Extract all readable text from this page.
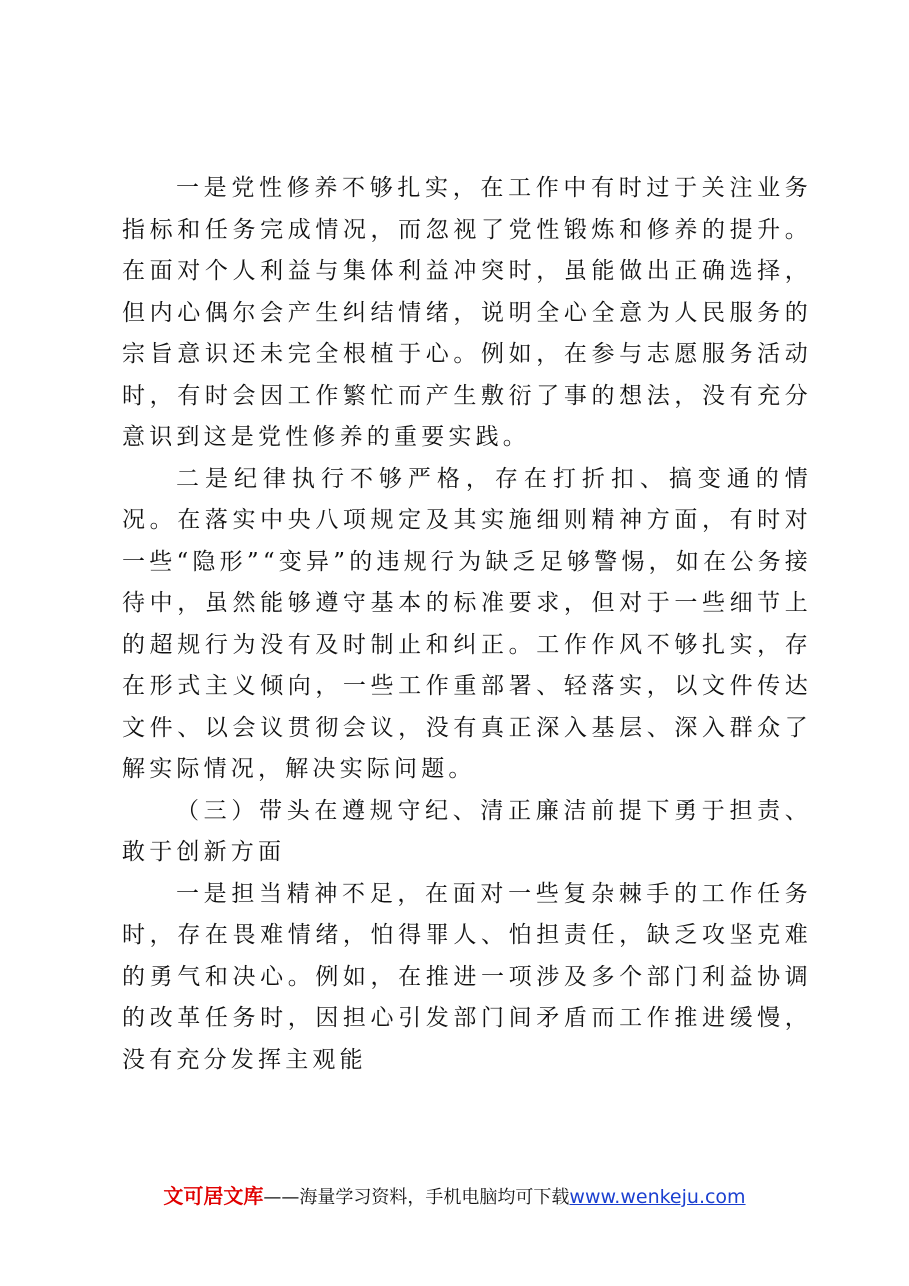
一是党性修养不够扎实，在工作中有时过于关注业务指标和任务完成情况，而忽视了党性锻炼和修养的提升。在面对个人利益与集体利益冲突时，虽能做出正确选择，但内心偶尔会产生纠结情绪，说明全心全意为人民服务的宗旨意识还未完全根植于心。例如，在参与志愿服务活动时，有时会因工作繁忙而产生敷衍了事的想法，没有充分意识到这是党性修养的重要实践。

二是纪律执行不够严格，存在打折扣、搞变通的情况。在落实中央八项规定及其实施细则精神方面，有时对一些“隐形”“变异”的违规行为缺乏足够警惕，如在公务接待中，虽然能够遵守基本的标准要求，但对于一些细节上的超规行为没有及时制止和纠正。工作作风不够扎实，存在形式主义倾向，一些工作重部署、轻落实，以文件传达文件、以会议贯彻会议，没有真正深入基层、深入群众了解实际情况，解决实际问题。

（三）带头在遵规守纪、清正廉洁前提下勇于担责、敢于创新方面

一是担当精神不足，在面对一些复杂棘手的工作任务时，存在畏难情绪，怕得罪人、怕担责任，缺乏攻坚克难的勇气和决心。例如，在推进一项涉及多个部门利益协调的改革任务时，因担心引发部门间矛盾而工作推进缓慢，没有充分发挥主观能

文可居文库——海量学习资料，手机电脑均可下载www.wenkeju.com
